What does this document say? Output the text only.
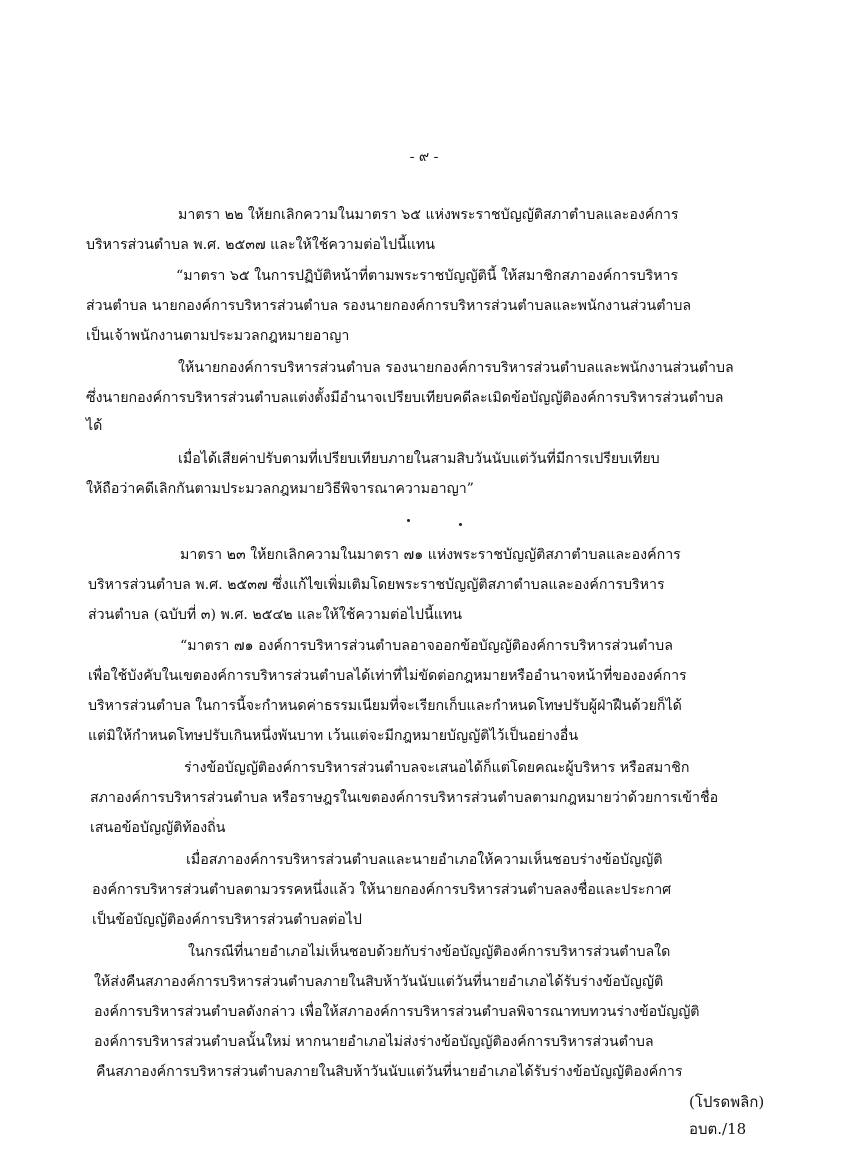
- ๙ -
มาตรา ๒๒ ให้ยกเลิกความในมาตรา ๖๕ แห่งพระราชบัญญัติสภาตำบลและองค์การ
บริหารส่วนตำบล พ.ศ. ๒๕๓๗ และให้ใช้ความต่อไปนี้แทน
“มาตรา ๖๕ ในการปฏิบัติหน้าที่ตามพระราชบัญญัตินี้ ให้สมาชิกสภาองค์การบริหาร
ส่วนตำบล นายกองค์การบริหารส่วนตำบล รองนายกองค์การบริหารส่วนตำบลและพนักงานส่วนตำบล
เป็นเจ้าพนักงานตามประมวลกฎหมายอาญา
ให้นายกองค์การบริหารส่วนตำบล รองนายกองค์การบริหารส่วนตำบลและพนักงานส่วนตำบล
ซึ่งนายกองค์การบริหารส่วนตำบลแต่งตั้งมีอำนาจเปรียบเทียบคดีละเมิดข้อบัญญัติองค์การบริหารส่วนตำบล
ได้
เมื่อได้เสียค่าปรับตามที่เปรียบเทียบภายในสามสิบวันนับแต่วันที่มีการเปรียบเทียบ
ให้ถือว่าคดีเลิกกันตามประมวลกฎหมายวิธีพิจารณาความอาญา”
มาตรา ๒๓ ให้ยกเลิกความในมาตรา ๗๑ แห่งพระราชบัญญัติสภาตำบลและองค์การ
บริหารส่วนตำบล พ.ศ. ๒๕๓๗ ซึ่งแก้ไขเพิ่มเติมโดยพระราชบัญญัติสภาตำบลและองค์การบริหาร
ส่วนตำบล (ฉบับที่ ๓) พ.ศ. ๒๕๔๒ และให้ใช้ความต่อไปนี้แทน
“มาตรา ๗๑ องค์การบริหารส่วนตำบลอาจออกข้อบัญญัติองค์การบริหารส่วนตำบล
เพื่อใช้บังคับในเขตองค์การบริหารส่วนตำบลได้เท่าที่ไม่ขัดต่อกฎหมายหรืออำนาจหน้าที่ขององค์การ
บริหารส่วนตำบล ในการนี้จะกำหนดค่าธรรมเนียมที่จะเรียกเก็บและกำหนดโทษปรับผู้ฝ่าฝืนด้วยก็ได้
แต่มิให้กำหนดโทษปรับเกินหนึ่งพันบาท เว้นแต่จะมีกฎหมายบัญญัติไว้เป็นอย่างอื่น
ร่างข้อบัญญัติองค์การบริหารส่วนตำบลจะเสนอได้ก็แต่โดยคณะผู้บริหาร หรือสมาชิก
สภาองค์การบริหารส่วนตำบล หรือราษฎรในเขตองค์การบริหารส่วนตำบลตามกฎหมายว่าด้วยการเข้าชื่อ
เสนอข้อบัญญัติท้องถิ่น
เมื่อสภาองค์การบริหารส่วนตำบลและนายอำเภอให้ความเห็นชอบร่างข้อบัญญัติ
องค์การบริหารส่วนตำบลตามวรรคหนึ่งแล้ว ให้นายกองค์การบริหารส่วนตำบลลงชื่อและประกาศ
เป็นข้อบัญญัติองค์การบริหารส่วนตำบลต่อไป
ในกรณีที่นายอำเภอไม่เห็นชอบด้วยกับร่างข้อบัญญัติองค์การบริหารส่วนตำบลใด
ให้ส่งคืนสภาองค์การบริหารส่วนตำบลภายในสิบห้าวันนับแต่วันที่นายอำเภอได้รับร่างข้อบัญญัติ
องค์การบริหารส่วนตำบลดังกล่าว เพื่อให้สภาองค์การบริหารส่วนตำบลพิจารณาทบทวนร่างข้อบัญญัติ
องค์การบริหารส่วนตำบลนั้นใหม่ หากนายอำเภอไม่ส่งร่างข้อบัญญัติองค์การบริหารส่วนตำบล
คืนสภาองค์การบริหารส่วนตำบลภายในสิบห้าวันนับแต่วันที่นายอำเภอได้รับร่างข้อบัญญัติองค์การ
(โปรดพลิก)
อบต./18
